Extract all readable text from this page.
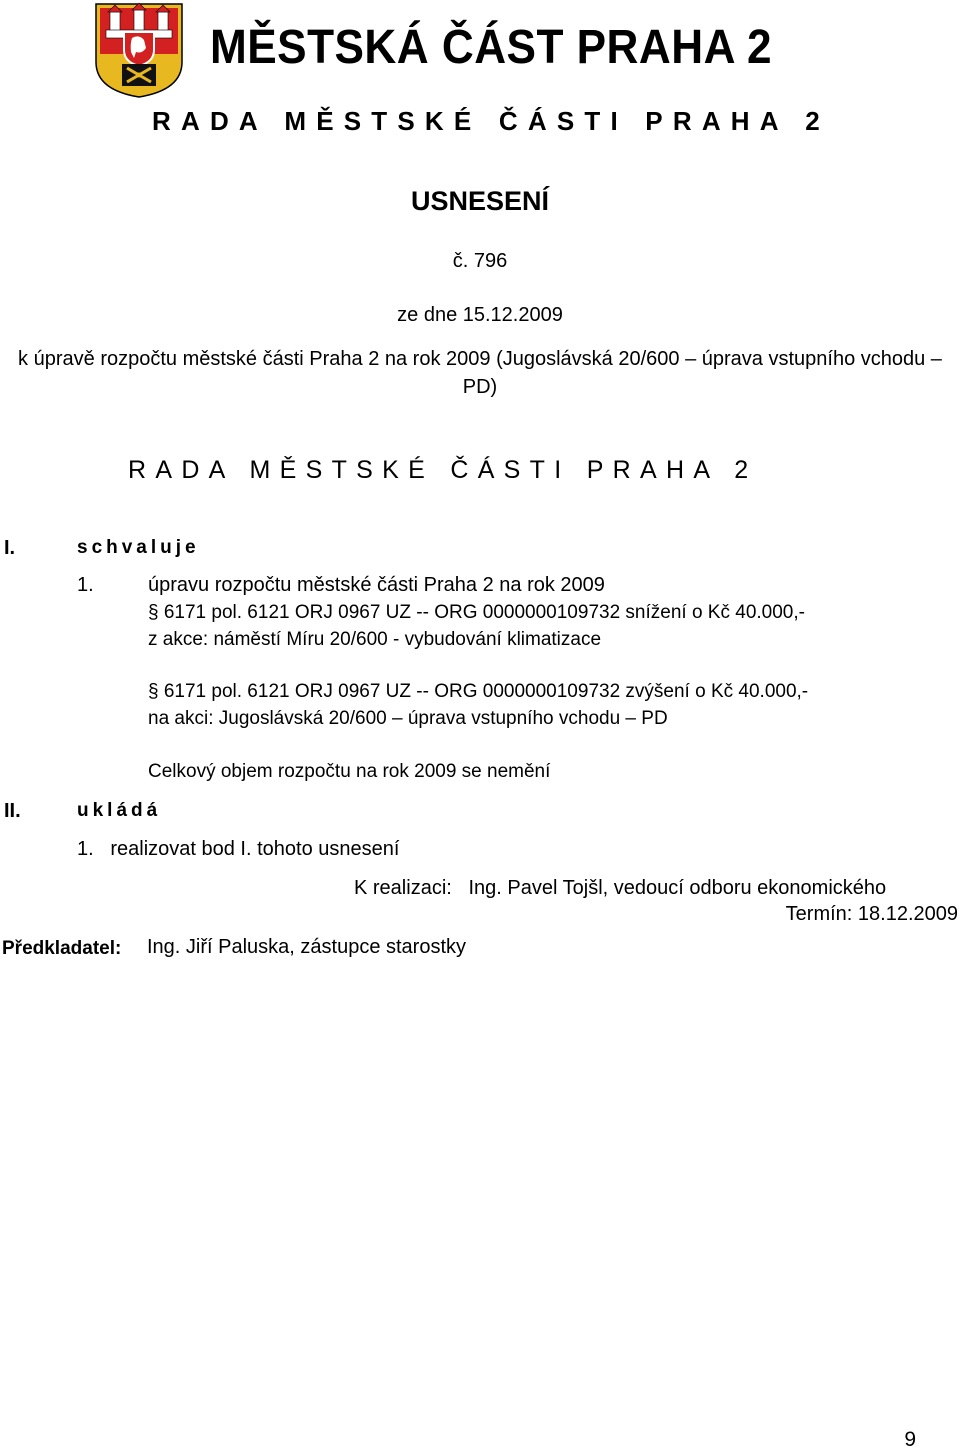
MĚSTSKÁ ČÁST PRAHA 2
RADA MĚSTSKÉ ČÁSTI PRAHA 2
USNESENÍ
č. 796
ze dne 15.12.2009
k úpravě rozpočtu městské části Praha 2 na rok 2009 (Jugoslávská 20/600 – úprava vstupního vchodu – PD)
RADA MĚSTSKÉ ČÁSTI PRAHA 2
I.	schvaluje
1.	úpravu rozpočtu městské části Praha 2 na rok 2009
§ 6171 pol. 6121 ORJ 0967 UZ -- ORG 0000000109732 snížení o Kč 40.000,-
z akce: náměstí Míru 20/600 - vybudování klimatizace
§ 6171 pol. 6121 ORJ 0967 UZ -- ORG 0000000109732 zvýšení o Kč 40.000,-
na akci: Jugoslávská 20/600 – úprava vstupního vchodu – PD
Celkový objem rozpočtu na rok 2009 se nemění
II.	ukládá
1.   realizovat bod I. tohoto usnesení
K realizaci:   Ing. Pavel Tojšl, vedoucí odboru ekonomického
Termín: 18.12.2009
Předkladatel: Ing. Jiří Paluska, zástupce starostky
9
